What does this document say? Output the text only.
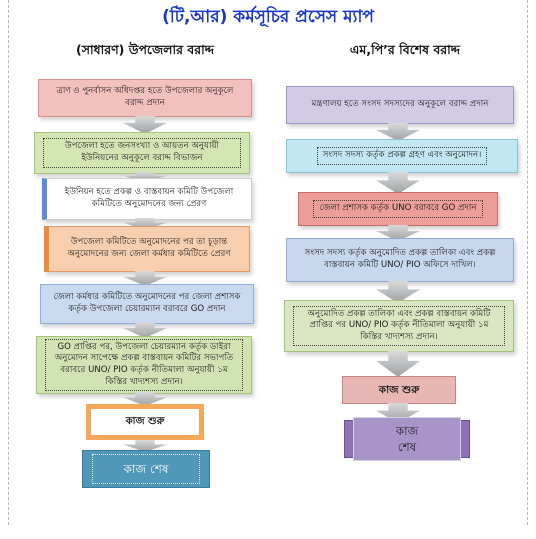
(টি,আর) কর্মসূচির প্রসেস ম্যাপ
(সাধারণ) উপজেলার বরাদ্দ	এম,পি’র বিশেষ বরাদ্দ
ত্রাণ ও পুনর্বাসন অধিদপ্তর হতে উপজেলার অনুকূলে বরাদ্দ প্রদান
উপজেলা হতে জনসংখ্যা ও আয়তন অনুযায়ী ইউনিয়নের অনুকূলে বরাদ্দ বিভাজন
ইউনিয়ন হতে প্রকল্প ও বাস্তবায়ন কমিটি উপজেলা কমিটিতে অনুমোদনের জন্য প্রেরণ
উপজেলা কমিটিতে অনুমোদনের পর তা চূড়ান্ত অনুমোদনের জন্য জেলা কর্মধার কমিটিতে প্রেরণ
জেলা কর্মধার কমিটিতে অনুমোদনের পর জেলা প্রশাসক কর্তৃক উপজেলা চেয়ারম্যান বরাবরে GO প্রদান
GO প্রাপ্তির পর, উপজেলা চেয়ারম্যান কর্তৃক ডাইরা অনুমোদন সাপেক্ষে প্রকল্প বাস্তবায়ন কমিটির সভাপতি বরাবরে UNO/ PIO কর্তৃক নীতিমালা অনুযায়ী ১ম কিস্তির খাদ্যশস্য প্রদান।
কাজ শুরু
কাজ শেষ
মন্ত্রণালয় হতে সংসদ সদস্যদের অনুকূলে বরাদ্দ প্রদান
সংসদ সদস্য কর্তৃক প্রকল্প গ্রহণ এবং অনুমোদন।
জেলা প্রশাসক কর্তৃক UNO বরাবরে GO প্রদান
সংসদ সদস্য কর্তৃক অনুমোদিত প্রকল্প তালিকা এবং প্রকল্প বাস্তবায়ন কমিটি UNO/ PIO অফিসে দাখিল।
অনুমোদিত প্রকল্প তালিকা এবং প্রকল্প বাস্তবায়ন কমিটি প্রাপ্তির পর UNO/ PIO কর্তৃক নীতিমালা অনুযায়ী ১ম কিস্তির খাদ্যশস্য প্রদান।
কাজ শুরু
কাজ শেষ
